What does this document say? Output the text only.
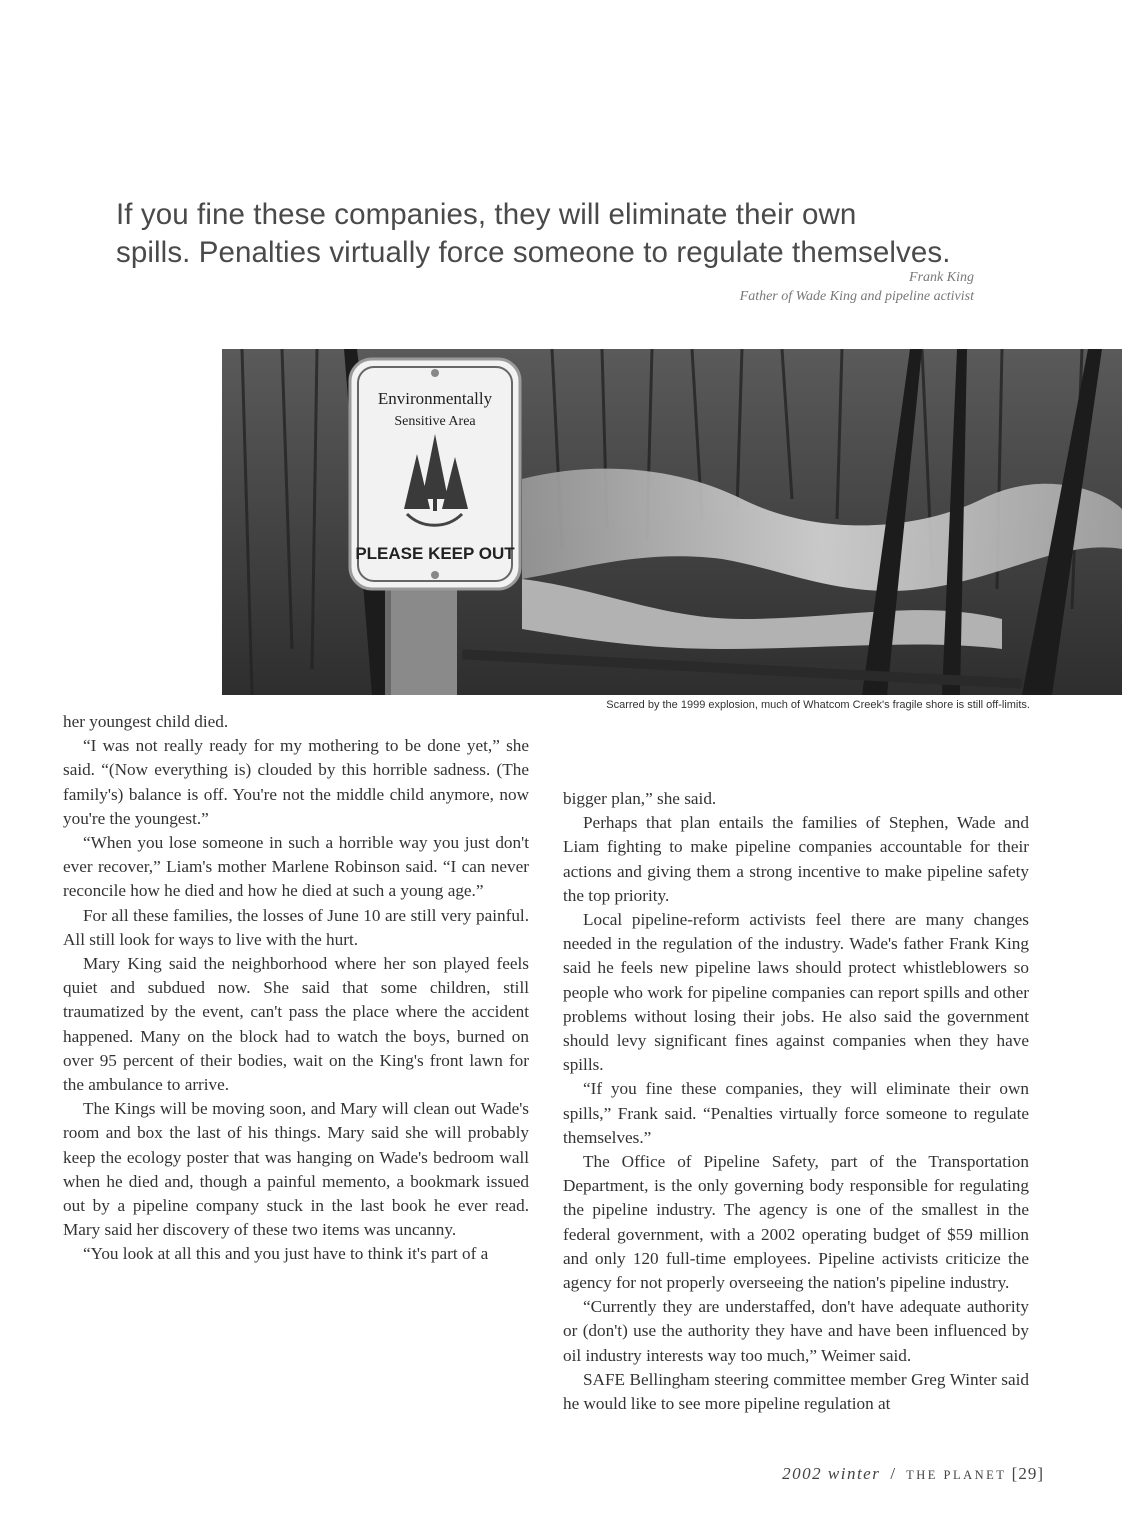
If you fine these companies, they will eliminate their own
spills. Penalties virtually force someone to regulate themselves.
Frank King
Father of Wade King and pipeline activist
Environmentally
Sensitive Area
PLEASE KEEP OUT
Scarred by the 1999 explosion, much of Whatcom Creek's fragile shore is still off-limits.

her youngest child died.

“I was not really ready for my mothering to be done yet,” she said. “(Now everything is) clouded by this horrible sadness. (The family's) balance is off. You're not the middle child anymore, now you're the youngest.”

“When you lose someone in such a horrible way you just don't ever recover,” Liam's mother Marlene Robinson said. “I can never reconcile how he died and how he died at such a young age.”

For all these families, the losses of June 10 are still very painful. All still look for ways to live with the hurt.

Mary King said the neighborhood where her son played feels quiet and subdued now. She said that some children, still traumatized by the event, can't pass the place where the accident happened. Many on the block had to watch the boys, burned on over 95 percent of their bodies, wait on the King's front lawn for the ambulance to arrive.

The Kings will be moving soon, and Mary will clean out Wade's room and box the last of his things. Mary said she will probably keep the ecology poster that was hanging on Wade's bedroom wall when he died and, though a painful memento, a bookmark issued out by a pipeline company stuck in the last book he ever read. Mary said her discovery of these two items was uncanny.

“You look at all this and you just have to think it's part of a

bigger plan,” she said.

Perhaps that plan entails the families of Stephen, Wade and Liam fighting to make pipeline companies accountable for their actions and giving them a strong incentive to make pipeline safety the top priority.

Local pipeline-reform activists feel there are many changes needed in the regulation of the industry. Wade's father Frank King said he feels new pipeline laws should protect whistleblowers so people who work for pipeline companies can report spills and other problems without losing their jobs. He also said the government should levy significant fines against companies when they have spills.

“If you fine these companies, they will eliminate their own spills,” Frank said. “Penalties virtually force someone to regulate themselves.”

The Office of Pipeline Safety, part of the Transportation Department, is the only governing body responsible for regulating the pipeline industry. The agency is one of the smallest in the federal government, with a 2002 operating budget of $59 million and only 120 full-time employees. Pipeline activists criticize the agency for not properly overseeing the nation's pipeline industry.

“Currently they are understaffed, don't have adequate authority or (don't) use the authority they have and have been influenced by oil industry interests way too much,” Weimer said.

SAFE Bellingham steering committee member Greg Winter said he would like to see more pipeline regulation at

2002 winter / THE PLANET [29]
